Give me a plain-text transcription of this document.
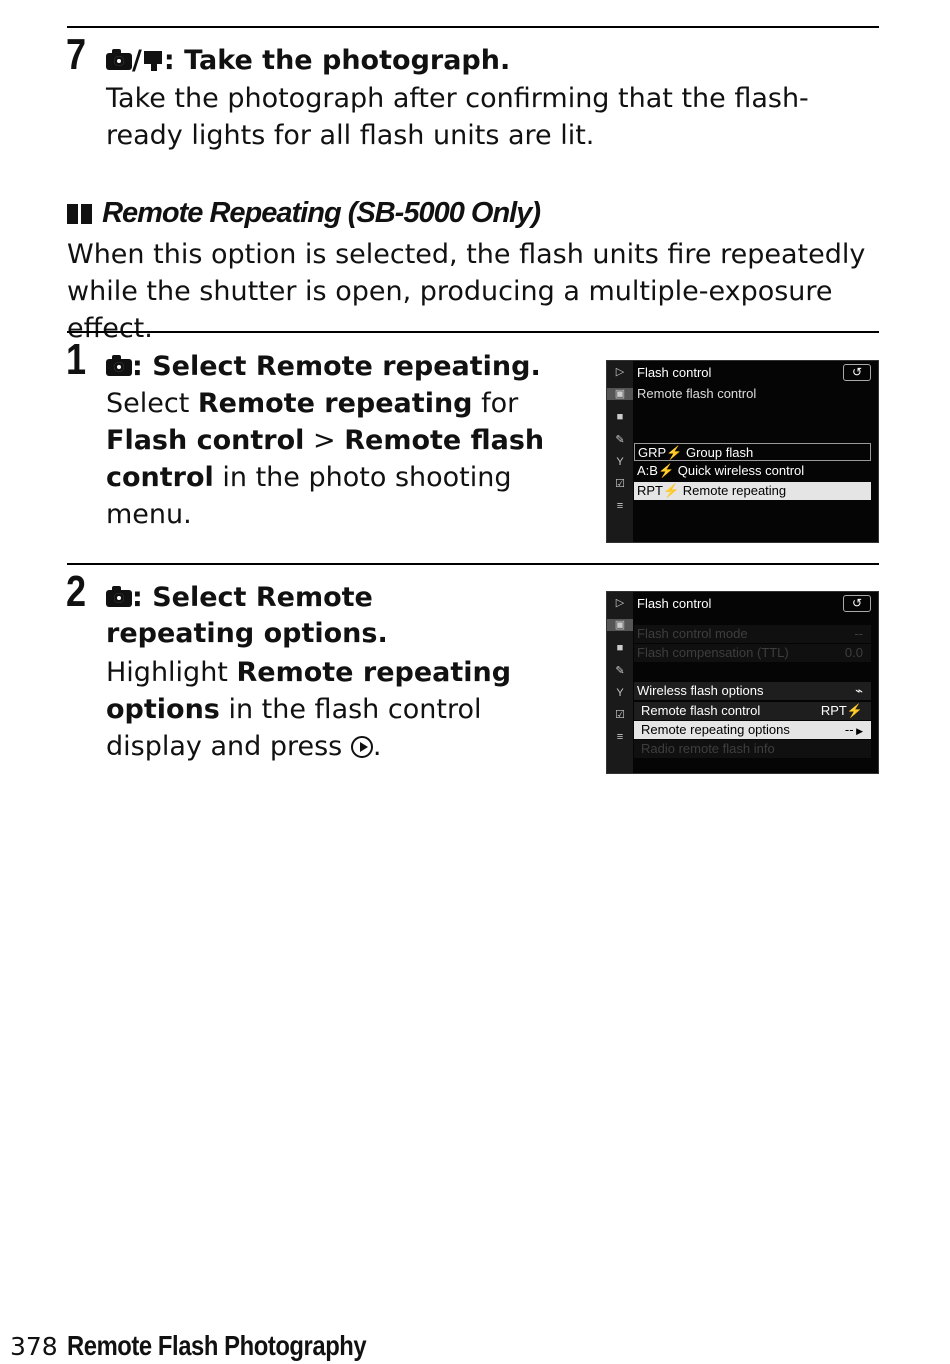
7	/ : Take the photograph.
Take the photograph after confirming that the flash-ready lights for all flash units are lit.
Remote Repeating (SB-5000 Only)
When this option is selected, the flash units fire repeatedly while the shutter is open, producing a multiple-exposure effect.
1	: Select Remote repeating.
Select Remote repeating for Flash control > Remote flash control in the photo shooting menu.
▷
▣
■
✎
Y
☑
≡
Flash control	↺
Remote flash control
GRP⚡ Group flash
A:B⚡ Quick wireless control
RPT⚡ Remote repeating
2	: Select Remote repeating options.
Highlight Remote repeating options in the flash control display and press .
▷
▣
■
✎
Y
☑
≡
Flash control	↺
Flash control mode	--
Flash compensation (TTL)	0.0
Wireless flash options	⌁
Remote flash control	RPT⚡
Remote repeating options	-- ▶
Radio remote flash info
378 Remote Flash Photography
